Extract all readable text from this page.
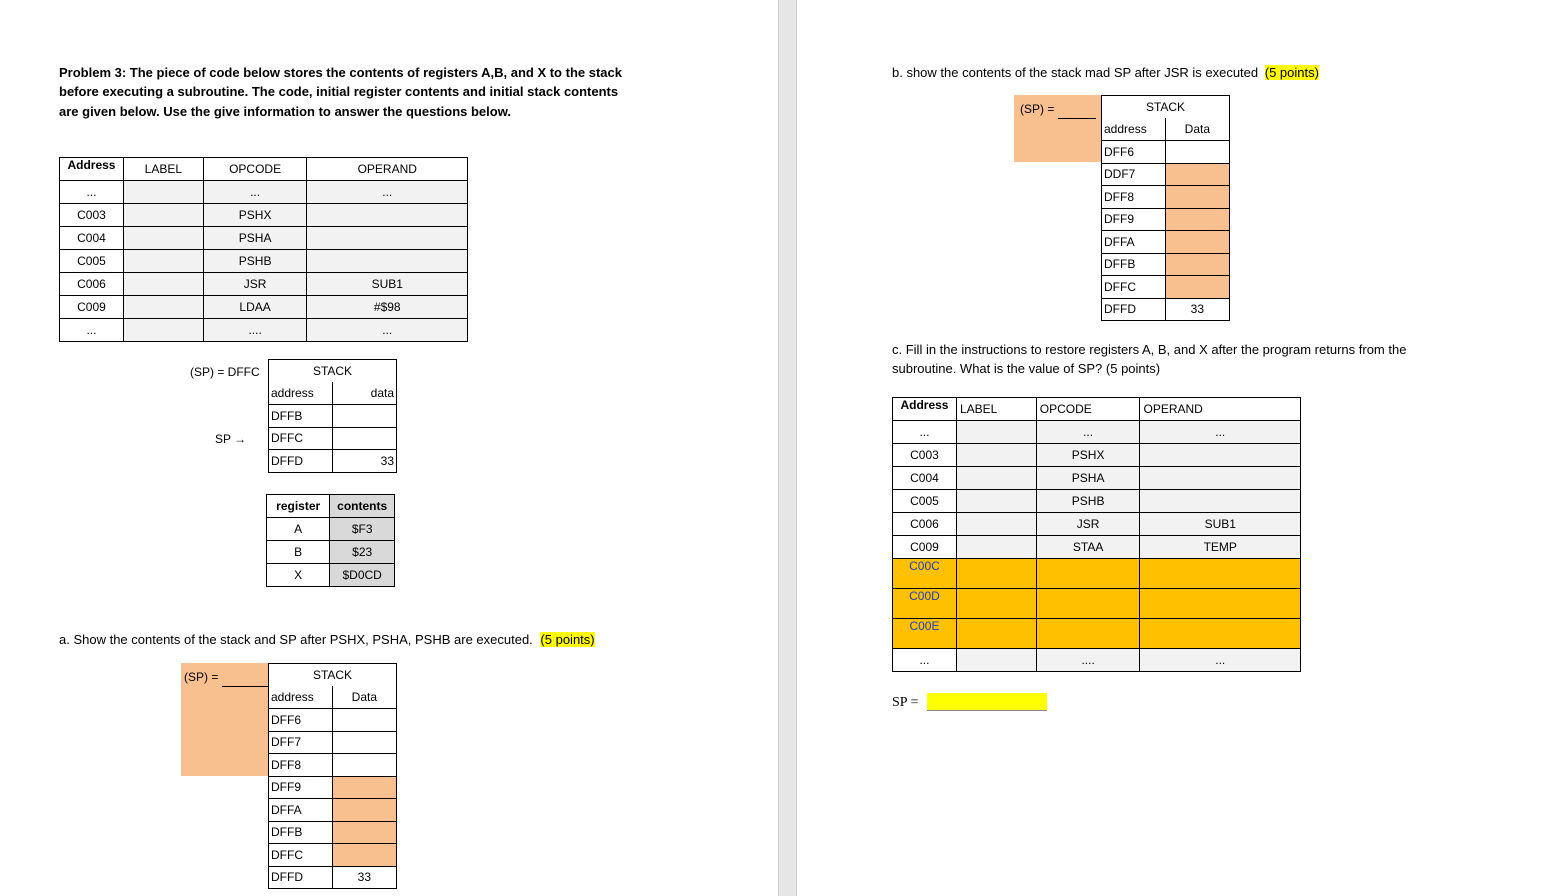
Problem 3: The piece of code below stores the contents of registers A,B, and X to the stack
before executing a subroutine. The code, initial register contents and initial stack contents
are given below. Use the give information to answer the questions below.
Address	LABEL	OPCODE	OPERAND
...		...	...
C003		PSHX	
C004		PSHA	
C005		PSHB	
C006		JSR	SUB1
C009		LDAA	#$98
...		....	...
(SP) = DFFC
SP →
STACK	
address	data
DFFB	
DFFC	
DFFD	33
register	contents
A	$F3
B	$23
X	$D0CD
a. Show the contents of the stack and SP after PSHX, PSHA, PSHB are executed. (5 points)
(SP) =	STACK	
address	Data
DFF6	
DFF7	
DFF8	
DFF9	
DFFA	
DFFB	
DFFC	
DFFD	33
b. show the contents of the stack mad SP after JSR is executed (5 points)
(SP) =	STACK	
address	Data
DFF6	
DDF7	
DFF8	
DFF9	
DFFA	
DFFB	
DFFC	
DFFD	33
c. Fill in the instructions to restore registers A, B, and X after the program returns from the
subroutine. What is the value of SP? (5 points)
Address	LABEL	OPCODE	OPERAND
...		...	...
C003		PSHX	
C004		PSHA	
C005		PSHB	
C006		JSR	SUB1
C009		STAA	TEMP
C00C			
C00D			
C00E			
...		....	...
SP =
